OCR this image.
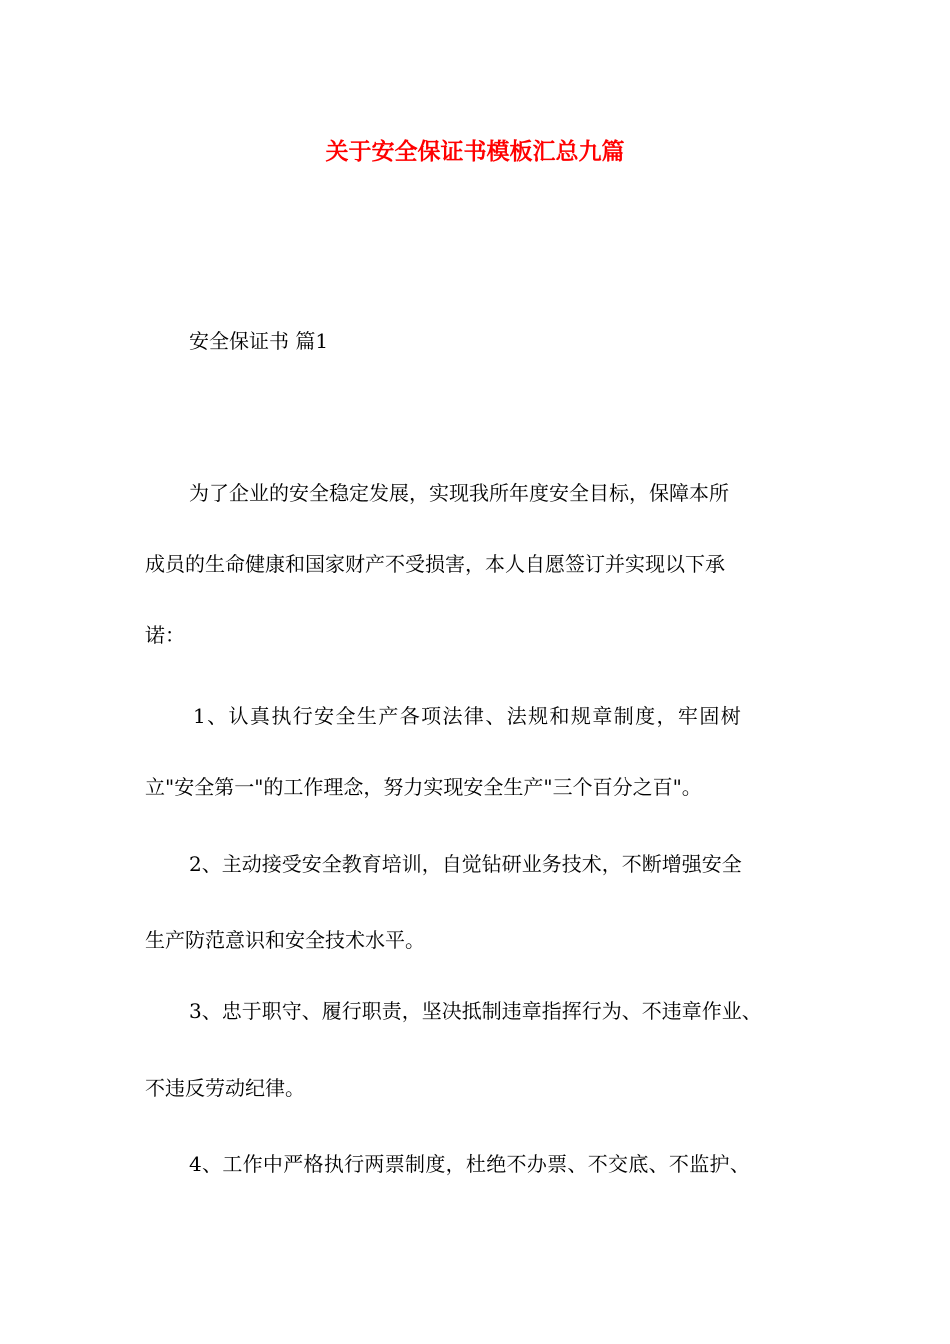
关于安全保证书模板汇总九篇
安全保证书 篇1
为了企业的安全稳定发展，实现我所年度安全目标，保障本所
成员的生命健康和国家财产不受损害，本人自愿签订并实现以下承
诺：
1、认真执行安全生产各项法律、法规和规章制度，牢固树
立"安全第一"的工作理念，努力实现安全生产"三个百分之百"。
2、主动接受安全教育培训，自觉钻研业务技术，不断增强安全
生产防范意识和安全技术水平。
3、忠于职守、履行职责，坚决抵制违章指挥行为、不违章作业、
不违反劳动纪律。
4、工作中严格执行两票制度，杜绝不办票、不交底、不监护、
